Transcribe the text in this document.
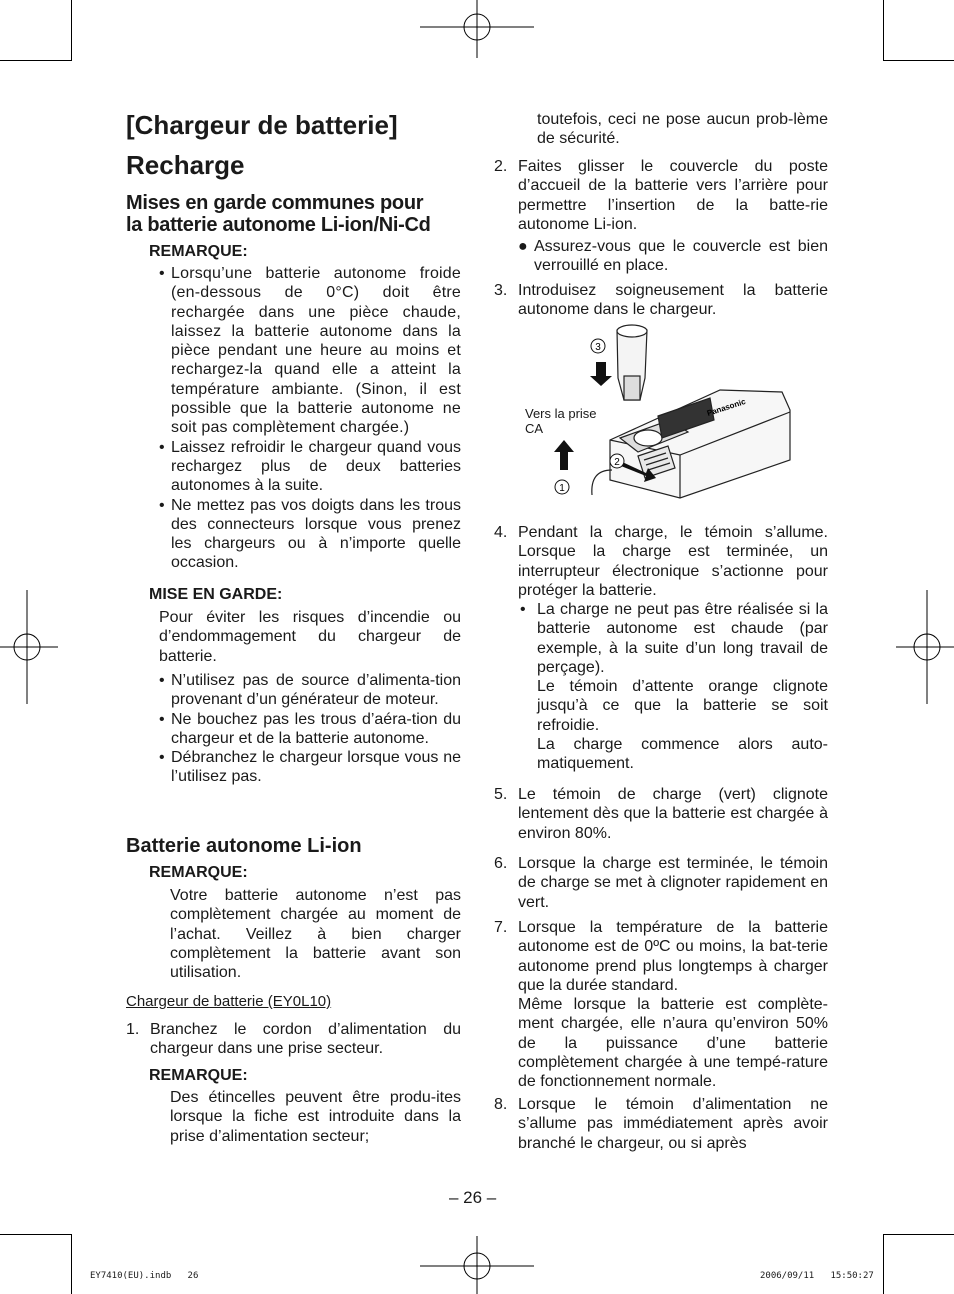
[Chargeur de batterie]
Recharge
Mises en garde communes pour
la batterie autonome Li-ion/Ni-Cd
REMARQUE:
• Lorsqu’une batterie autonome froide (en-dessous de 0°C) doit être rechargée dans une pièce chaude, laissez la batterie autonome dans la pièce pendant une heure au moins et rechargez-la quand elle a atteint la température ambiante. (Sinon, il est possible que la batterie autonome ne soit pas complètement chargée.)
• Laissez refroidir le chargeur quand vous rechargez plus de deux batteries autonomes à la suite.
• Ne mettez pas vos doigts dans les trous des connecteurs lorsque vous prenez les chargeurs ou à n’importe quelle occasion.
MISE EN GARDE:
Pour éviter les risques d’incendie ou d’endommagement du chargeur de batterie.
• N’utilisez pas de source d’alimenta-tion provenant d’un générateur de moteur.
• Ne bouchez pas les trous d’aéra-tion du chargeur et de la batterie autonome.
• Débranchez le chargeur lorsque vous ne l’utilisez pas.
Batterie autonome Li-ion
REMARQUE:
Votre batterie autonome n’est pas complètement chargée au moment de l’achat. Veillez à bien charger complètement la batterie avant son utilisation.
Chargeur de batterie (EY0L10)
1. Branchez le cordon d’alimentation du chargeur dans une prise secteur.
REMARQUE:
Des étincelles peuvent être produ-ites lorsque la fiche est introduite dans la prise d’alimentation secteur;
toutefois, ceci ne pose aucun prob-lème de sécurité.
2. Faites glisser le couvercle du poste d’accueil de la batterie vers l’arrière pour permettre l’insertion de la batte-rie autonome Li-ion.
● Assurez-vous que le couvercle est bien verrouillé en place.
3. Introduisez soigneusement la batterie autonome dans le chargeur.
3
2
1
Panasonic
Vers la prise
CA
4. Pendant la charge, le témoin s’allume. Lorsque la charge est terminée, un interrupteur électronique s’actionne pour protéger la batterie.
• La charge ne peut pas être réalisée si la batterie autonome est chaude (par exemple, à la suite d’un long travail de perçage).
Le témoin d’attente orange clignote jusqu’à ce que la batterie se soit refroidie.
La charge commence alors auto-matiquement.
5. Le témoin de charge (vert) clignote lentement dès que la batterie est chargée à environ 80%.
6. Lorsque la charge est terminée, le témoin de charge se met à clignoter rapidement en vert.
7. Lorsque la température de la batterie autonome est de 0ºC ou moins, la bat-terie autonome prend plus longtemps à charger que la durée standard.
Même lorsque la batterie est complète-ment chargée, elle n’aura qu’environ 50% de la puissance d’une batterie complètement chargée à une tempé-rature de fonctionnement normale.
8. Lorsque le témoin d’alimentation ne s’allume pas immédiatement après avoir branché le chargeur, ou si après
– 26 –
EY7410(EU).indb   26	2006/09/11   15:50:27
